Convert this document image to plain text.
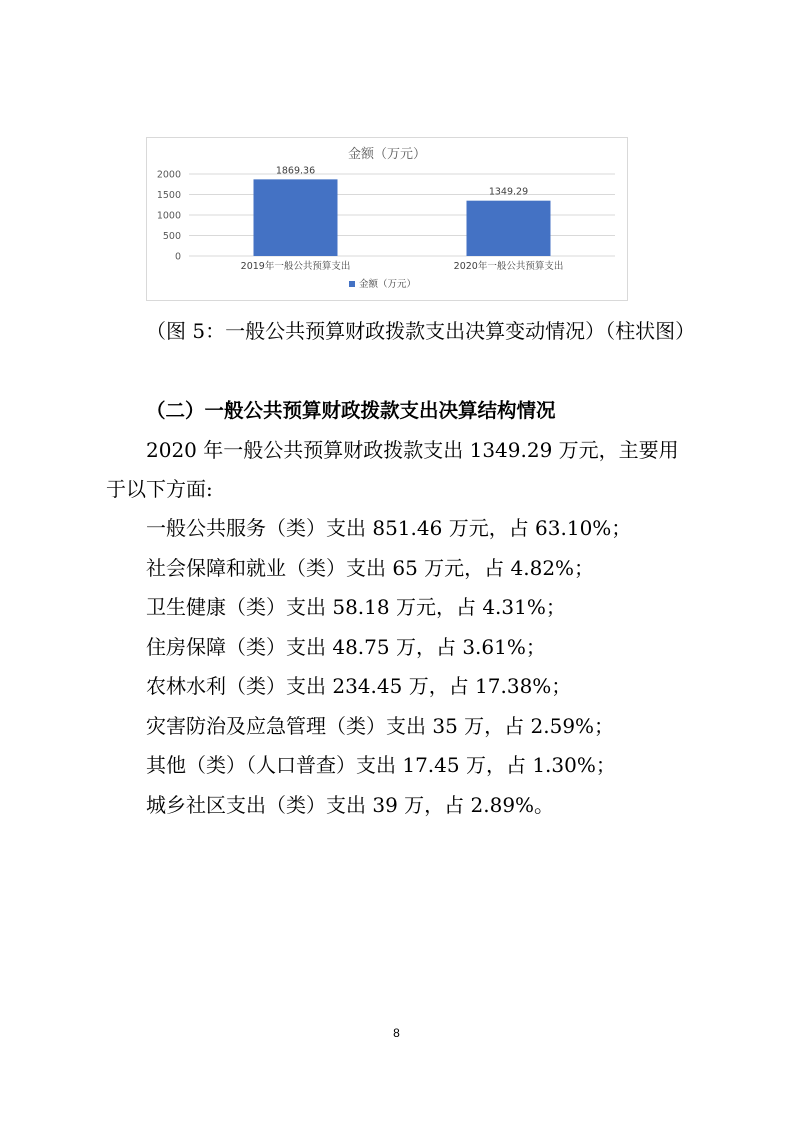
金额（万元）
0
500
1000
1500
2000	1869.36
2019年一般公共预算支出
1349.29
2020年一般公共预算支出
金额（万元）
（图 5：一般公共预算财政拨款支出决算变动情况）（柱状图）
（二）一般公共预算财政拨款支出决算结构情况
2020 年一般公共预算财政拨款支出 1349.29 万元，主要用于以下方面:
一般公共服务（类）支出 851.46 万元，占 63.10%；
社会保障和就业（类）支出 65 万元，占 4.82%；
卫生健康（类）支出 58.18 万元，占 4.31%；
住房保障（类）支出 48.75 万，占 3.61%；
农林水利（类）支出 234.45 万，占 17.38%；
灾害防治及应急管理（类）支出 35 万，占 2.59%；
其他（类）（人口普查）支出 17.45 万，占 1.30%；
城乡社区支出（类）支出 39 万，占 2.89%。
8
